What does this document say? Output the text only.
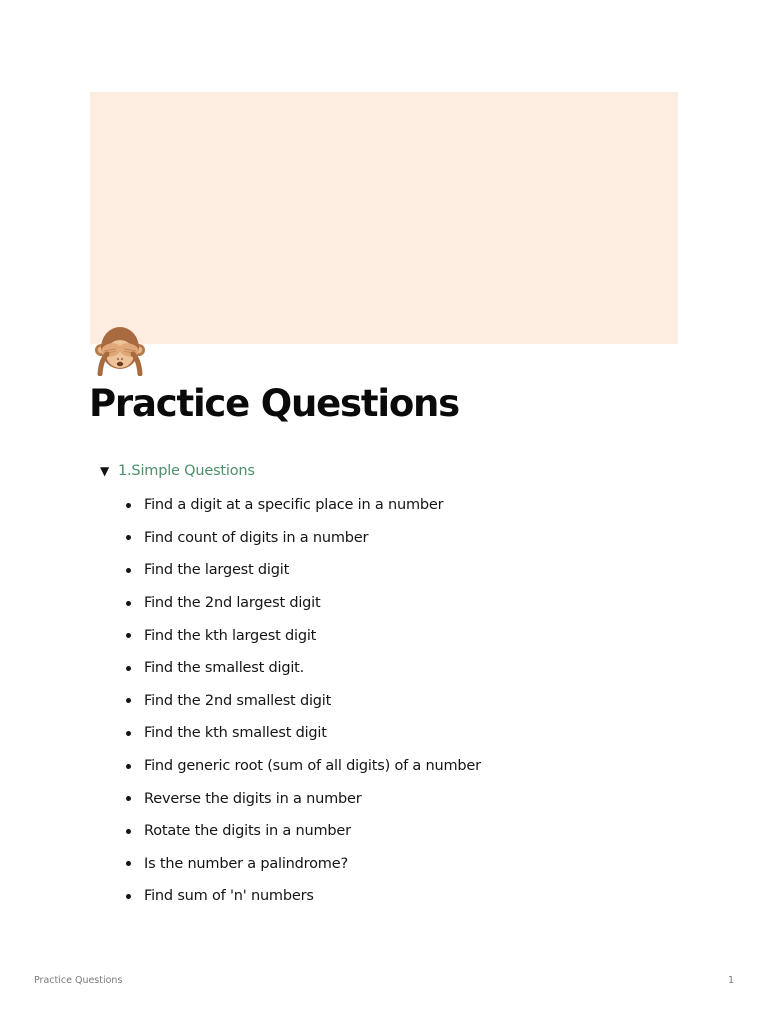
Practice Questions
▼ 1.Simple Questions
Find a digit at a specific place in a number
Find count of digits in a number
Find the largest digit
Find the 2nd largest digit
Find the kth largest digit
Find the smallest digit.
Find the 2nd smallest digit
Find the kth smallest digit
Find generic root (sum of all digits) of a number
Reverse the digits in a number
Rotate the digits in a number
Is the number a palindrome?
Find sum of 'n' numbers
Practice Questions	1
